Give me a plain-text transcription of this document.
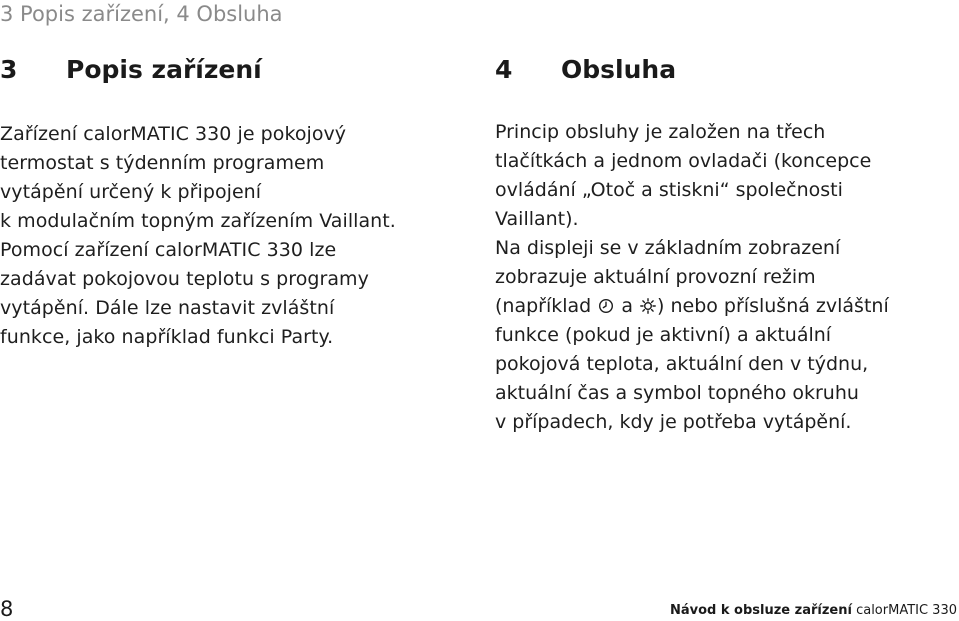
3 Popis zařízení, 4 Obsluha
3 Popis zařízení

Zařízení calorMATIC 330 je pokojový
termostat s týdenním programem
vytápění určený k připojení
k modulačním topným zařízením Vaillant.
Pomocí zařízení calorMATIC 330 lze
zadávat pokojovou teplotu s programy
vytápění. Dále lze nastavit zvláštní
funkce, jako například funkci Party.

4 Obsluha

Princip obsluhy je založen na třech
tlačítkách a jednom ovladači (koncepce
ovládání „Otoč a stiskni“ společnosti
Vaillant).

Na displeji se v základním zobrazení
zobrazuje aktuální provozní režim
(například  a ) nebo příslušná zvláštní
funkce (pokud je aktivní) a aktuální
pokojová teplota, aktuální den v týdnu,
aktuální čas a symbol topného okruhu
v případech, kdy je potřeba vytápění.

8	Návod k obsluze zařízení calorMATIC 330
